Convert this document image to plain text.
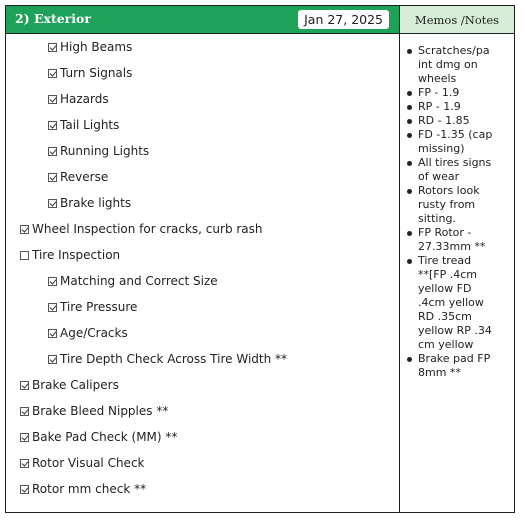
2) Exterior	Jan 27, 2025	Memos /Notes
High Beams
Turn Signals
Hazards
Tail Lights
Running Lights
Reverse
Brake lights
Wheel Inspection for cracks, curb rash
Tire Inspection
Matching and Correct Size
Tire Pressure
Age/Cracks
Tire Depth Check Across Tire Width **
Brake Calipers
Brake Bleed Nipples **
Bake Pad Check (MM) **
Rotor Visual Check
Rotor mm check **
Scratches/pa
int dmg on
wheels
FP - 1.9
RP - 1.9
RD - 1.85
FD -1.35 (cap
missing)
All tires signs
of wear
Rotors look
rusty from
sitting.
FP Rotor -
27.33mm **
Tire tread
**[FP .4cm
yellow FD
.4cm yellow
RD .35cm
yellow RP .34
cm yellow
Brake pad FP
8mm **
